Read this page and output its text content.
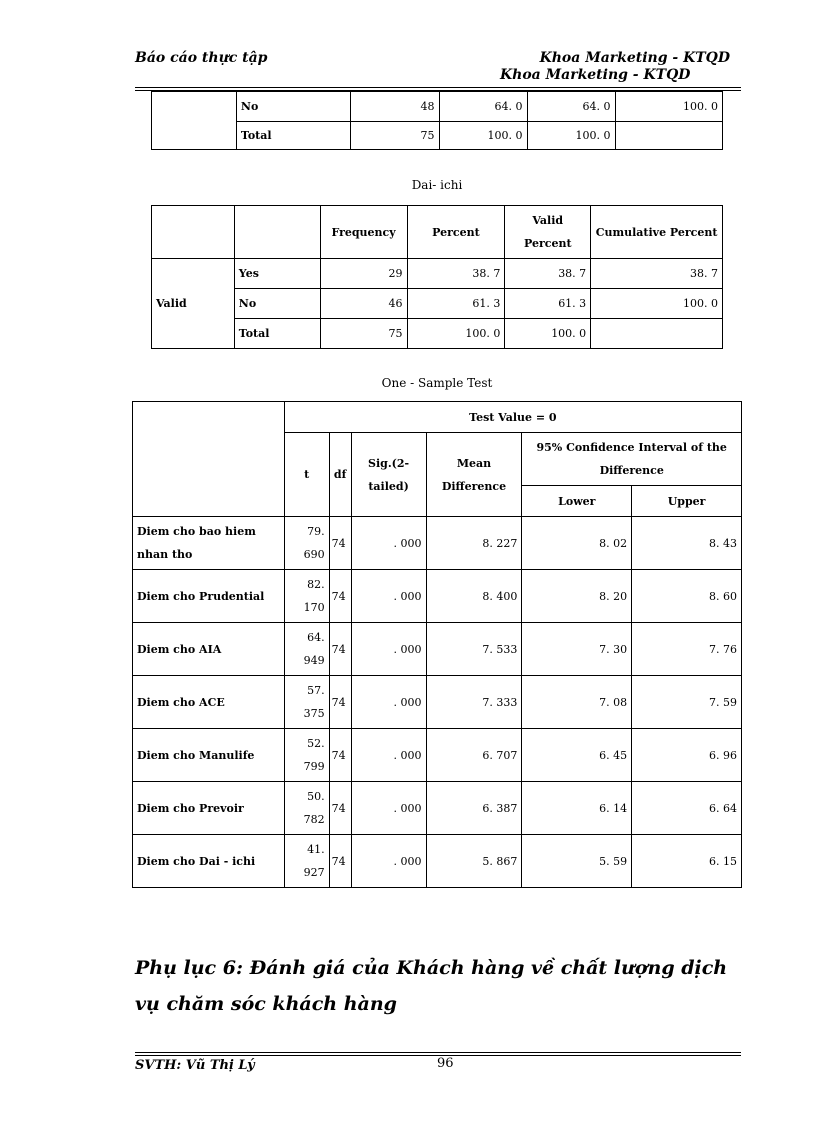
Báo cáo thực tập	Khoa Marketing - KTQD
Khoa Marketing - KTQD
	No	48	64. 0	64. 0	100. 0
	Total	75	100. 0	100. 0	
Dai- ichi
		Frequency	Percent	Valid Percent	Cumulative Percent
Valid	Yes	29	38. 7	38. 7	38. 7
	No	46	61. 3	61. 3	100. 0
	Total	75	100. 0	100. 0	
One - Sample Test
	Test Value = 0					
	t	df	Sig.(2-tailed)	Mean Difference	95% Confidence Interval of the Difference	
					Lower	Upper
Diem cho bao hiem nhan tho	79. 690	74	. 000	8. 227	8. 02	8. 43
Diem cho Prudential	82. 170	74	. 000	8. 400	8. 20	8. 60
Diem cho AIA	64. 949	74	. 000	7. 533	7. 30	7. 76
Diem cho ACE	57. 375	74	. 000	7. 333	7. 08	7. 59
Diem cho Manulife	52. 799	74	. 000	6. 707	6. 45	6. 96
Diem cho Prevoir	50. 782	74	. 000	6. 387	6. 14	6. 64
Diem cho Dai - ichi	41. 927	74	. 000	5. 867	5. 59	6. 15
Phụ lục 6: Đánh giá của Khách hàng về chất lượng dịch vụ chăm sóc khách hàng
SVTH: Vũ Thị Lý	96
